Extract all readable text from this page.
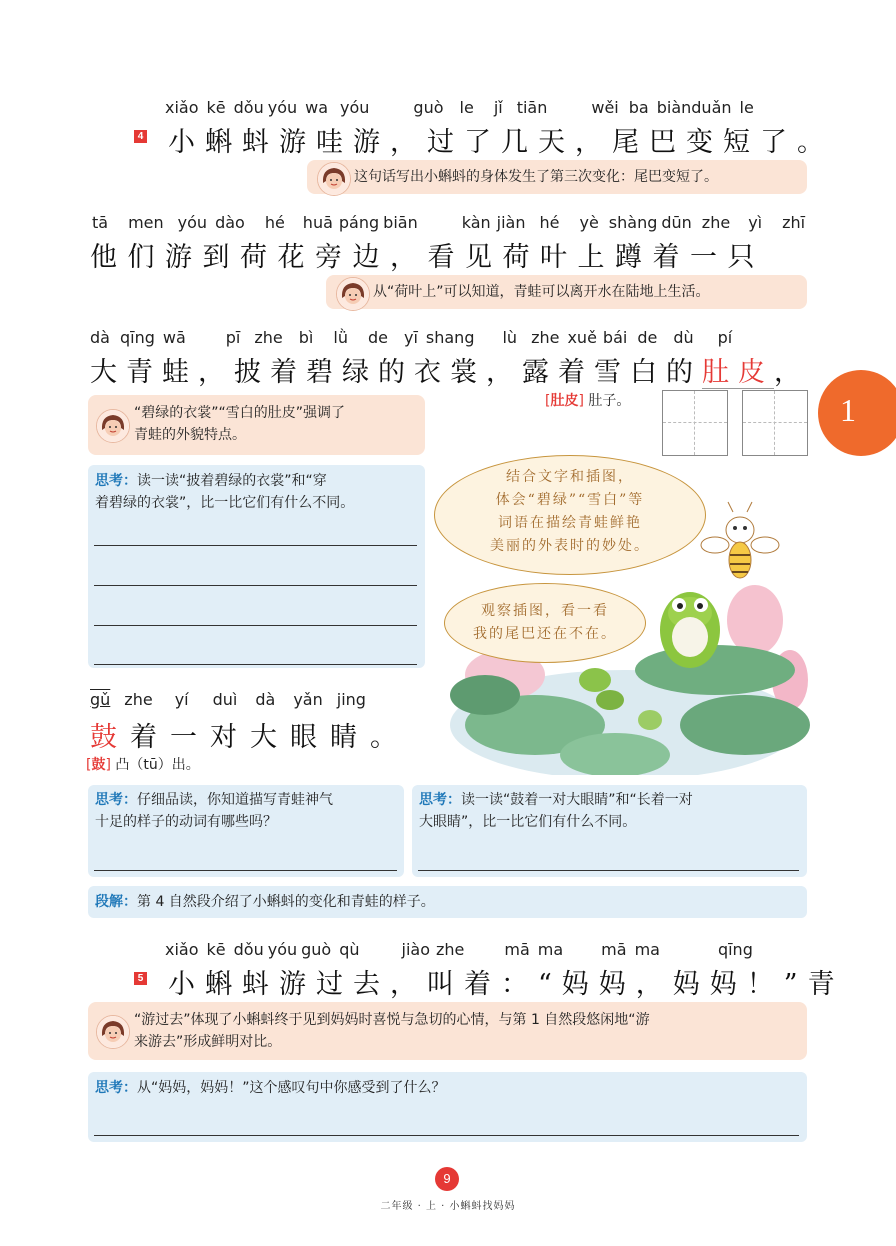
xiǎo kē dǒu yóu wa yóu	guò le jǐ tiān	wěi ba biànduǎn le
4 小蝌蚪游哇游，过了几天，尾巴变短了。
这句话写出小蝌蚪的身体发生了第三次变化：尾巴变短了。
tā men yóu dào hé huā páng biān	kàn jiàn hé yè shàng dūn zhe yì zhī
他们游到荷花旁边，看见荷叶上蹲着一只
从“荷叶上”可以知道，青蛙可以离开水在陆地上生活。
dà qīng wā	pī zhe bì lǜ de yī shang lù zhe xuě bái de dù pí
大青蛙，披着碧绿的衣裳，露着雪白的肚皮，
“碧绿的衣裳”“雪白的肚皮”强调了
青蛙的外貌特点。
[肚皮] 肚子。	1
思考：读一读“披着碧绿的衣裳”和“穿
着碧绿的衣裳”，比一比它们有什么不同。
结合文字和插图，
体会“碧绿”“雪白”等
词语在描绘青蛙鲜艳
美丽的外表时的妙处。
观察插图，看一看
我的尾巴还在不在。
gǔ zhe yí duì dà yǎn jing
鼓着一对大眼睛。
[鼓] 凸（tū）出。
思考：仔细品读，你知道描写青蛙神气
十足的样子的动词有哪些吗？
思考：读一读“鼓着一对大眼睛”和“长着一对
大眼睛”，比一比它们有什么不同。
段解：第 4 自然段介绍了小蝌蚪的变化和青蛙的样子。
xiǎo kē dǒu yóu guò qù	jiào zhe	mā ma mā ma	qīng
5 小蝌蚪游过去，叫着：“妈妈，妈妈！”青
“游过去”体现了小蝌蚪终于见到妈妈时喜悦与急切的心情，与第 1 自然段悠闲地“游
来游去”形成鲜明对比。
思考：从“妈妈，妈妈！”这个感叹句中你感受到了什么？
9
二年级 · 上 · 小蝌蚪找妈妈
